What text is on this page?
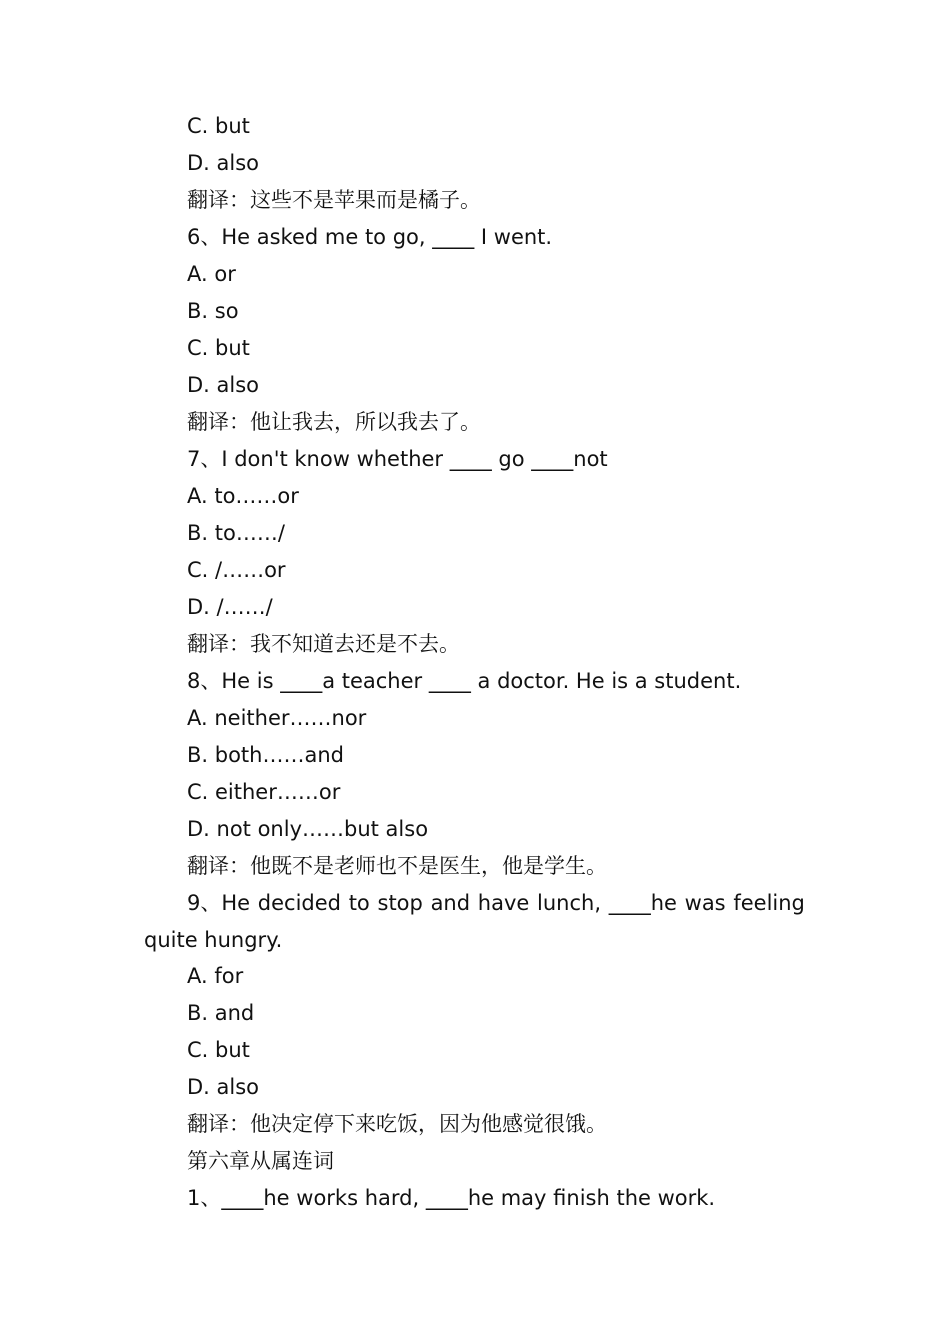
C. but
D. also
翻译：这些不是苹果而是橘子。
6、He asked me to go, ____ I went.
A. or
B. so
C. but
D. also
翻译：他让我去，所以我去了。
7、I don't know whether ____ go ____not
A. to……or
B. to……/
C. /……or
D. /……/
翻译：我不知道去还是不去。
8、He is ____a teacher ____ a doctor. He is a student.
A. neither……nor
B. both……and
C. either……or
D. not only……but also
翻译：他既不是老师也不是医生，他是学生。
9、He decided to stop and have lunch, ____he was feeling
quite hungry.
A. for
B. and
C. but
D. also
翻译：他决定停下来吃饭，因为他感觉很饿。
第六章从属连词
1、____he works hard, ____he may finish the work.
